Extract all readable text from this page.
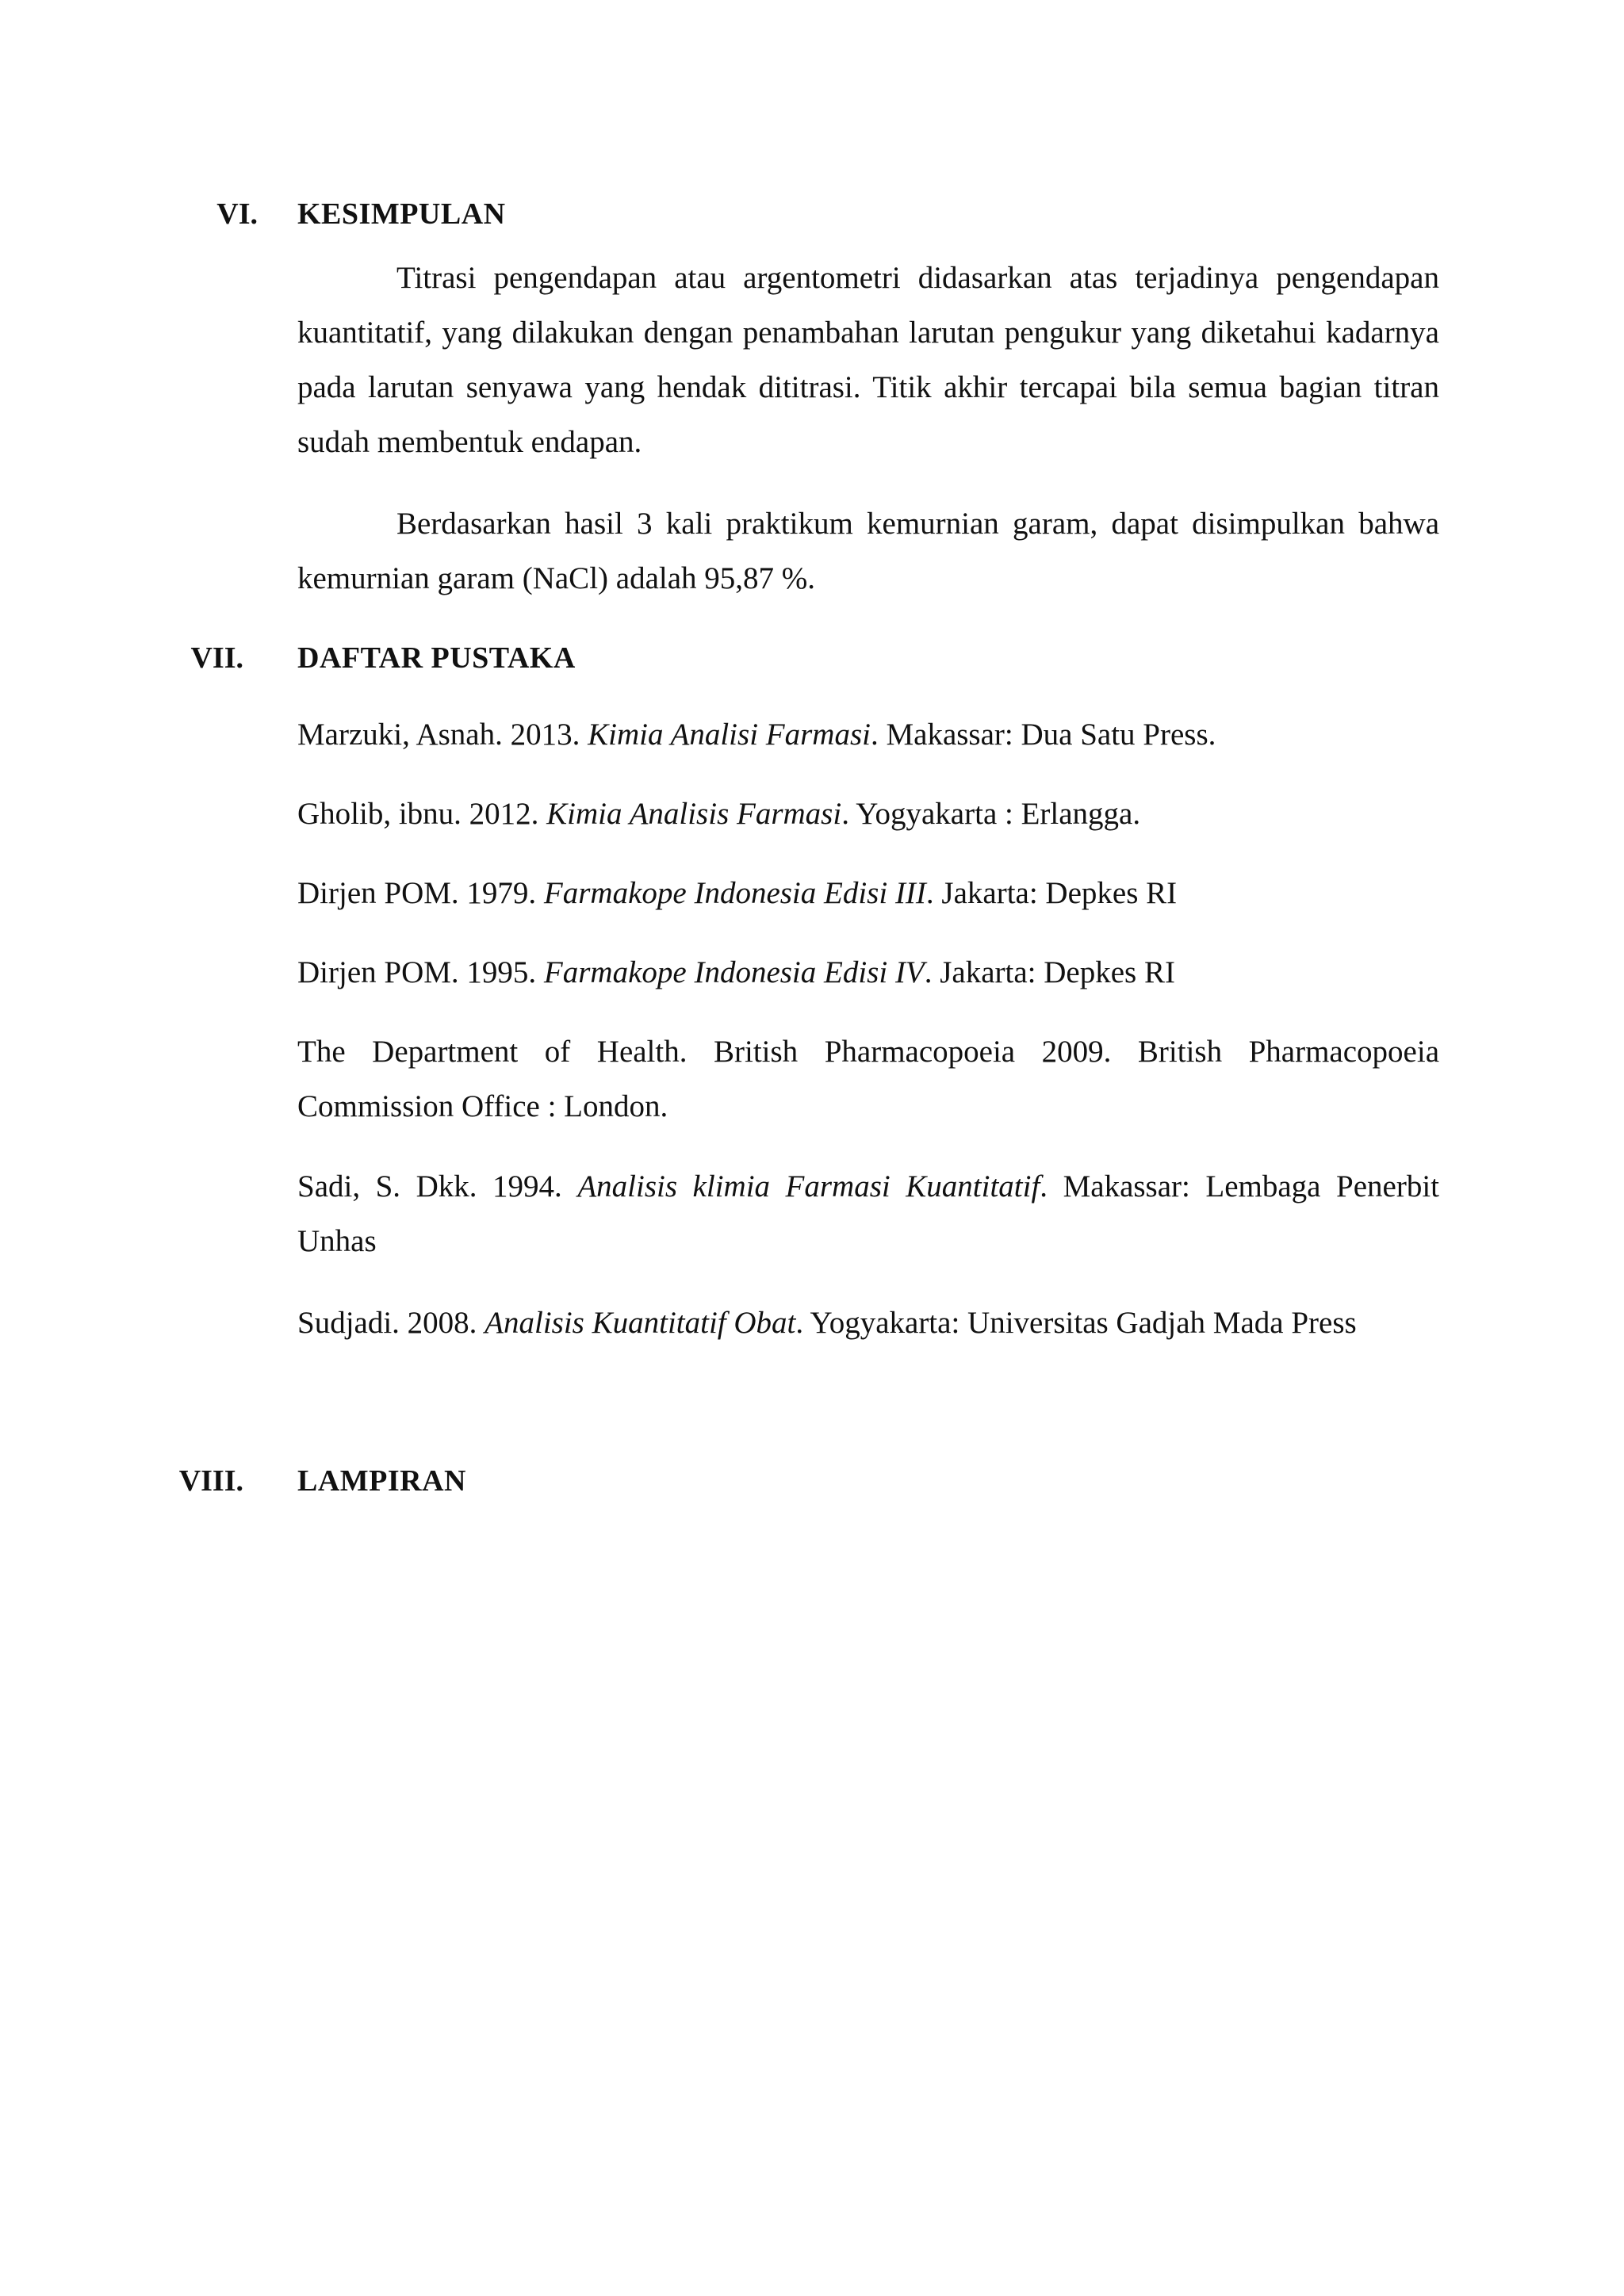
VI. KESIMPULAN

Titrasi pengendapan atau argentometri didasarkan atas terjadinya pengendapan kuantitatif, yang dilakukan dengan penambahan larutan pengukur yang diketahui kadarnya pada larutan senyawa yang hendak dititrasi. Titik akhir tercapai bila semua bagian titran sudah membentuk endapan.

Berdasarkan hasil 3 kali praktikum kemurnian garam, dapat disimpulkan bahwa kemurnian garam (NaCl) adalah 95,87 %.

VII. DAFTAR PUSTAKA

Marzuki, Asnah. 2013. Kimia Analisi Farmasi. Makassar: Dua Satu Press.

Gholib, ibnu. 2012. Kimia Analisis Farmasi. Yogyakarta : Erlangga.

Dirjen POM. 1979. Farmakope Indonesia Edisi III. Jakarta: Depkes RI

Dirjen POM. 1995. Farmakope Indonesia Edisi IV. Jakarta: Depkes RI

The Department of Health. British Pharmacopoeia 2009. British Pharmacopoeia Commission Office : London.

Sadi, S. Dkk. 1994. Analisis klimia Farmasi Kuantitatif. Makassar: Lembaga Penerbit Unhas

Sudjadi. 2008. Analisis Kuantitatif Obat. Yogyakarta: Universitas Gadjah Mada Press

VIII. LAMPIRAN
